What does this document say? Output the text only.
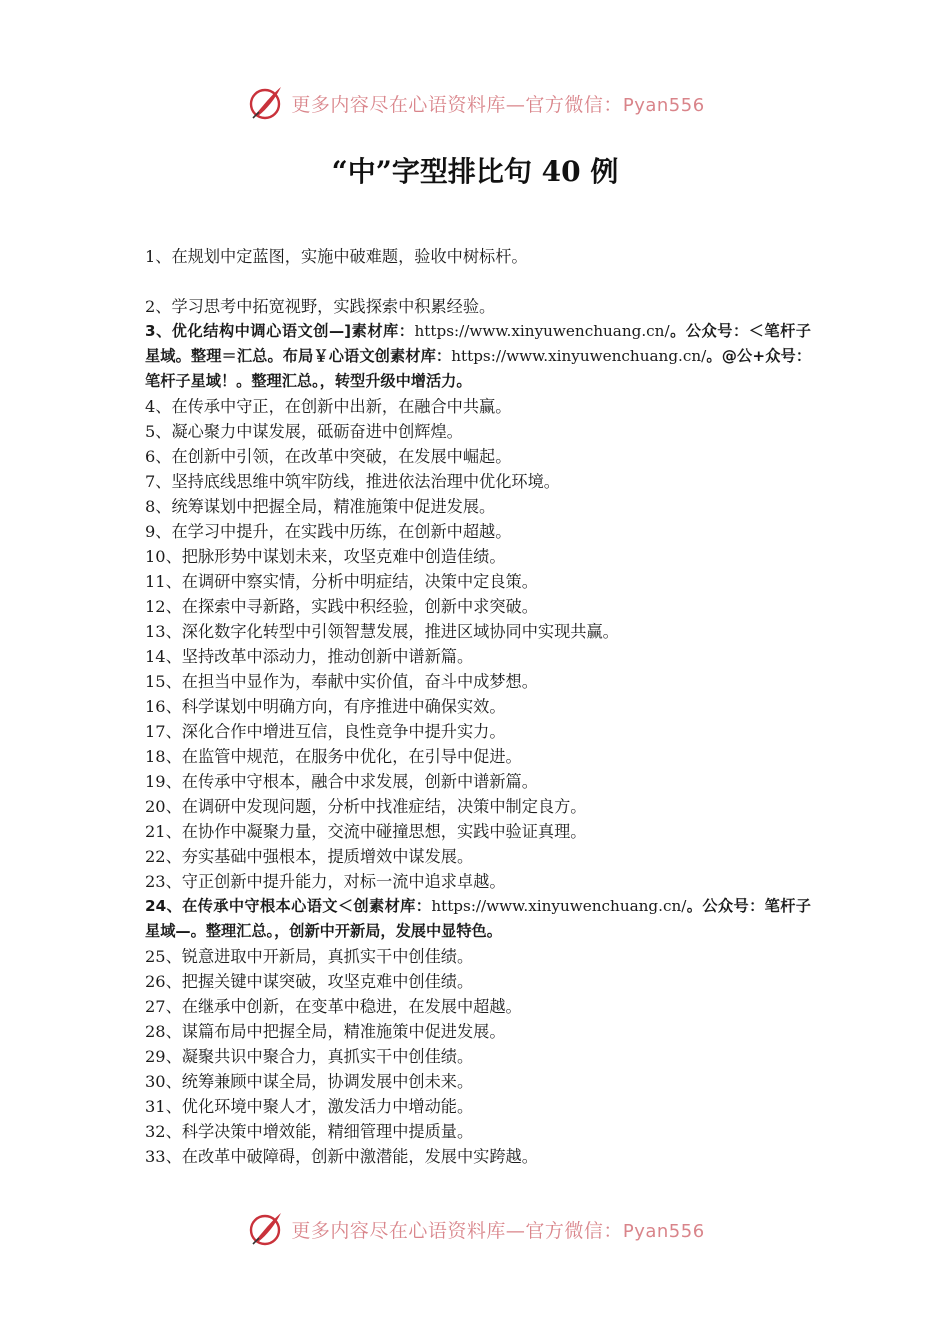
更多内容尽在心语资料库—官方微信：Pyan556
“中”字型排比句 40 例
1、在规划中定蓝图，实施中破难题，验收中树标杆。
2、学习思考中拓宽视野，实践探索中积累经验。
3、优化结构中调心语文创—]素材库：https://www.xinyuwenchuang.cn/。公众号：＜笔杆子星域。整理＝汇总。布局￥心语文创素材库：https://www.xinyuwenchuang.cn/。@公+众号：笔杆子星域！。整理汇总。，转型升级中增活力。
4、在传承中守正，在创新中出新，在融合中共赢。
5、凝心聚力中谋发展，砥砺奋进中创辉煌。
6、在创新中引领，在改革中突破，在发展中崛起。
7、坚持底线思维中筑牢防线，推进依法治理中优化环境。
8、统筹谋划中把握全局，精准施策中促进发展。
9、在学习中提升，在实践中历练，在创新中超越。
10、把脉形势中谋划未来，攻坚克难中创造佳绩。
11、在调研中察实情，分析中明症结，决策中定良策。
12、在探索中寻新路，实践中积经验，创新中求突破。
13、深化数字化转型中引领智慧发展，推进区域协同中实现共赢。
14、坚持改革中添动力，推动创新中谱新篇。
15、在担当中显作为，奉献中实价值，奋斗中成梦想。
16、科学谋划中明确方向，有序推进中确保实效。
17、深化合作中增进互信，良性竞争中提升实力。
18、在监管中规范，在服务中优化，在引导中促进。
19、在传承中守根本，融合中求发展，创新中谱新篇。
20、在调研中发现问题，分析中找准症结，决策中制定良方。
21、在协作中凝聚力量，交流中碰撞思想，实践中验证真理。
22、夯实基础中强根本，提质增效中谋发展。
23、守正创新中提升能力，对标一流中追求卓越。
24、在传承中守根本心语文＜创素材库：https://www.xinyuwenchuang.cn/。公众号：笔杆子星域—。整理汇总。，创新中开新局，发展中显特色。
25、锐意进取中开新局，真抓实干中创佳绩。
26、把握关键中谋突破，攻坚克难中创佳绩。
27、在继承中创新，在变革中稳进，在发展中超越。
28、谋篇布局中把握全局，精准施策中促进发展。
29、凝聚共识中聚合力，真抓实干中创佳绩。
30、统筹兼顾中谋全局，协调发展中创未来。
31、优化环境中聚人才，激发活力中增动能。
32、科学决策中增效能，精细管理中提质量。
33、在改革中破障碍，创新中激潜能，发展中实跨越。
更多内容尽在心语资料库—官方微信：Pyan556
